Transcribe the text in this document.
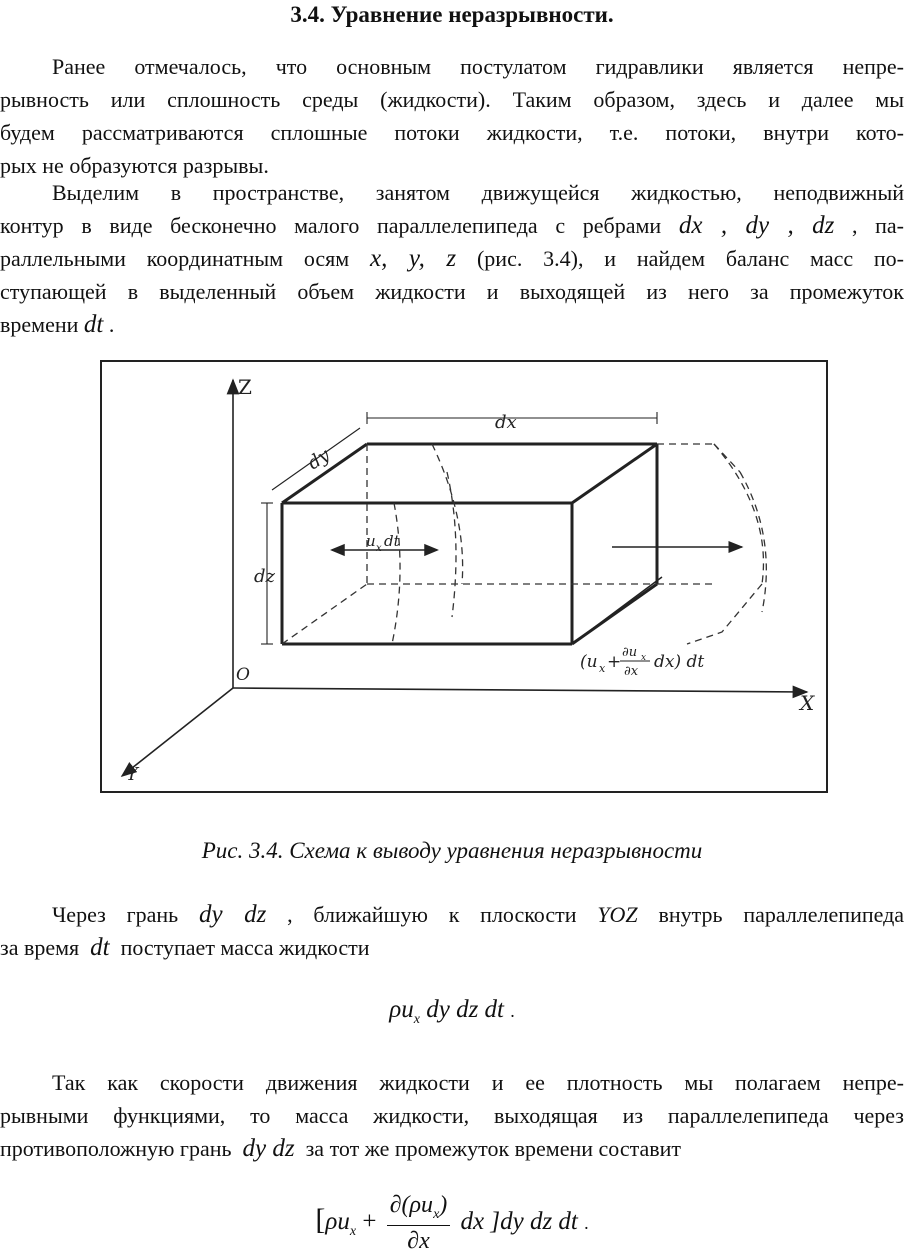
3.4. Уравнение неразрывности.
Ранее отмечалось, что основным постулатом гидравлики является непре-
рывность или сплошность среды (жидкости). Таким образом, здесь и далее мы
будем рассматриваются сплошные потоки жидкости, т.е. потоки, внутри кото-
рых не образуются разрывы.
Выделим в пространстве, занятом движущейся жидкостью, неподвижный
контур в виде бесконечно малого параллелепипеда с ребрами dx , dy , dz , па-
раллельными координатным осям x, y, z (рис. 3.4), и найдем баланс масс по-
ступающей в выделенный объем жидкости и выходящей из него за промежуток
времени dt .
Z
O
X
Y
dx
dy
dz
u x dt
(u x + ∂u x
∂x dx) dt
Рис. 3.4. Схема к выводу уравнения неразрывности
Через грань dy dz , ближайшую к плоскости YOZ внутрь параллелепипеда
за время dt поступает масса жидкости
$\rho u_x$ dy dz dt .
Так как скорости движения жидкости и ее плотность мы полагаем непре-
рывными функциями, то масса жидкости, выходящая из параллелепипеда через
противоположную грань dy dz за тот же промежуток времени составит
[$\rho u_x + \frac{\partial(\rho u_x)}{\partial x}$ dx ]dy dz dt .
